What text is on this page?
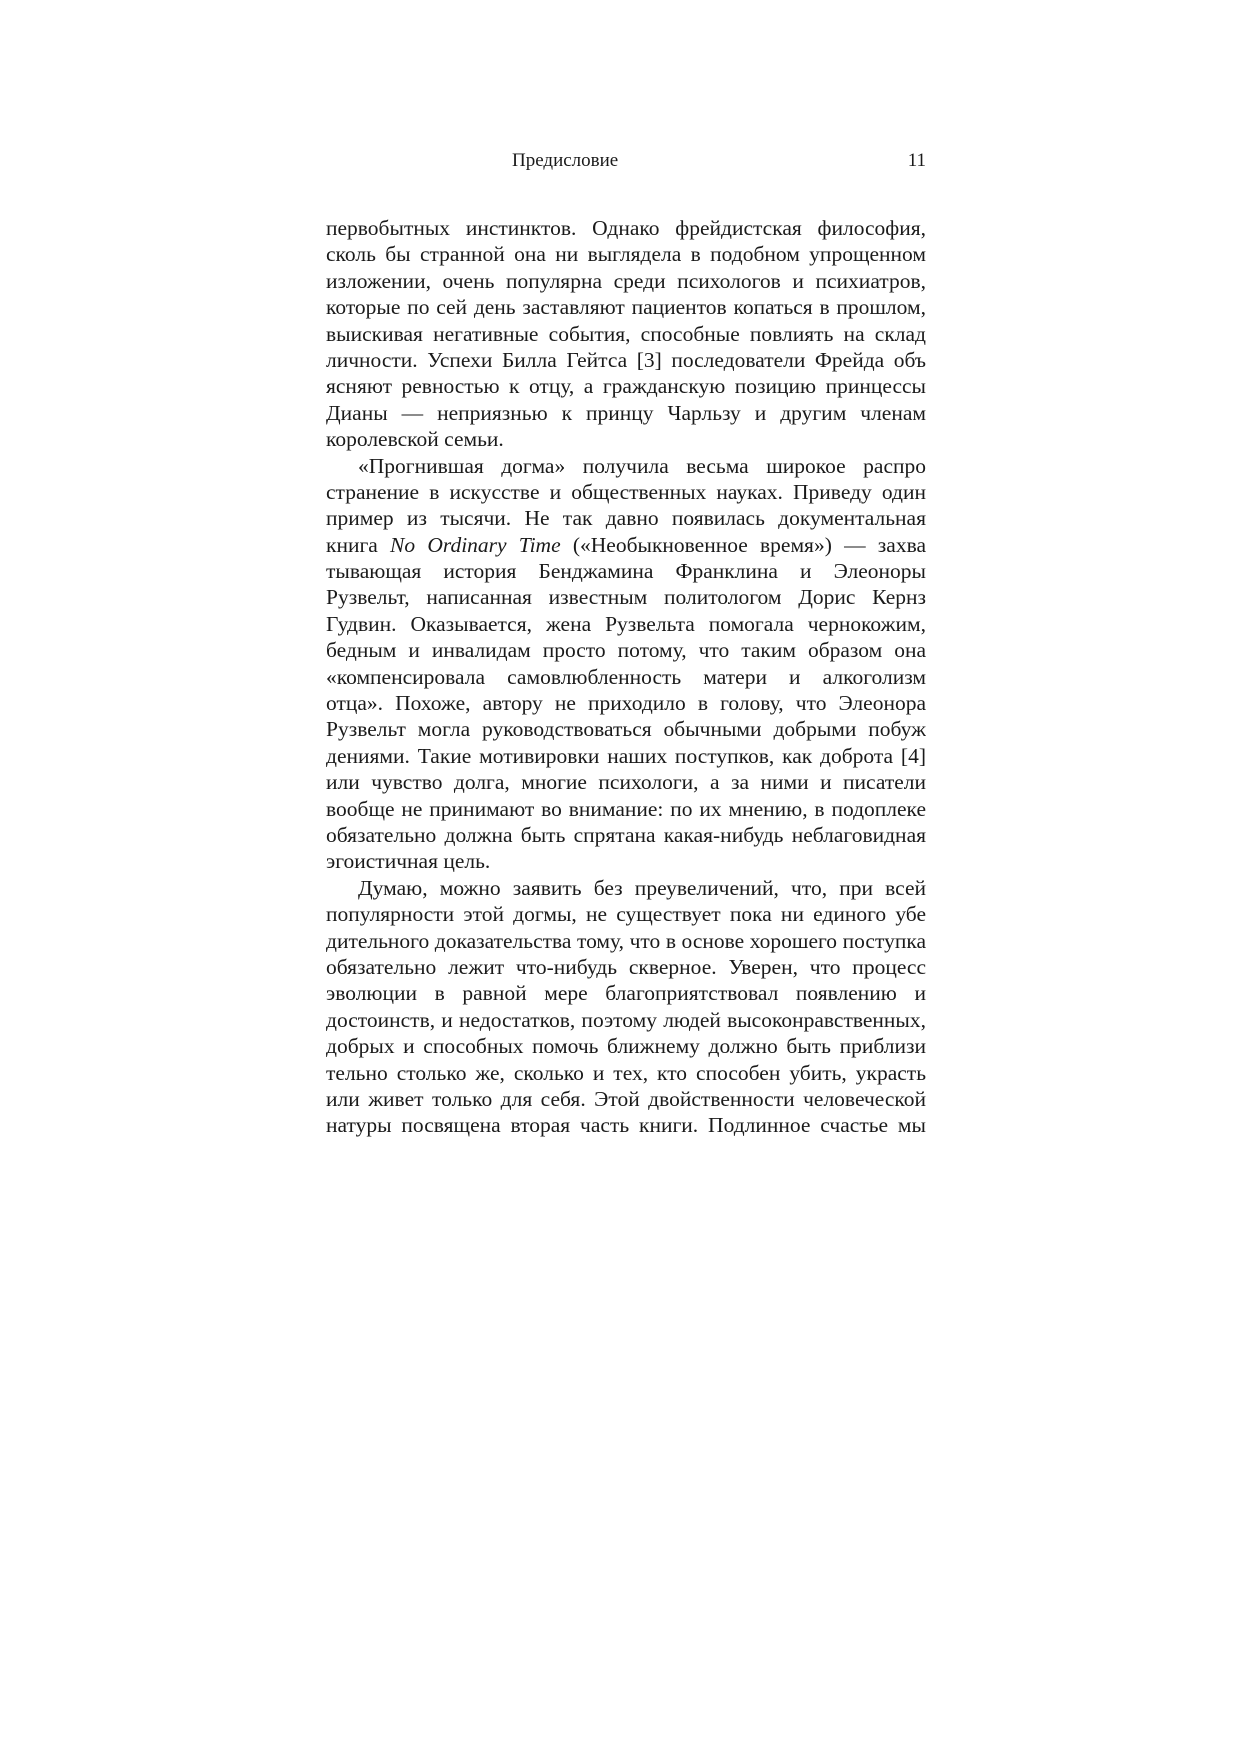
Предисловие	11
первобытных инстинктов. Однако фрейдистская философия,
сколь бы странной она ни выглядела в подобном упрощенном
изложении, очень популярна среди психологов и психиатров,
которые по сей день заставляют пациентов копаться в прошлом,
выискивая негативные события, способные повлиять на склад
личности. Успехи Билла Гейтса [3] последователи Фрейда объ
ясняют ревностью к отцу, а гражданскую позицию принцессы
Дианы — неприязнью к принцу Чарльзу и другим членам
королевской семьи.
«Прогнившая догма» получила весьма широкое распро
странение в искусстве и общественных науках. Приведу один
пример из тысячи. Не так давно появилась документальная
книга No Ordinary Time («Необыкновенное время») — захва
тывающая история Бенджамина Франклина и Элеоноры
Рузвельт, написанная известным политологом Дорис Кернз
Гудвин. Оказывается, жена Рузвельта помогала чернокожим,
бедным и инвалидам просто потому, что таким образом она
«компенсировала самовлюбленность матери и алкоголизм
отца». Похоже, автору не приходило в голову, что Элеонора
Рузвельт могла руководствоваться обычными добрыми побуж
дениями. Такие мотивировки наших поступков, как доброта [4]
или чувство долга, многие психологи, а за ними и писатели
вообще не принимают во внимание: по их мнению, в подоплеке
обязательно должна быть спрятана какая-нибудь неблаговидная
эгоистичная цель.
Думаю, можно заявить без преувеличений, что, при всей
популярности этой догмы, не существует пока ни единого убе
дительного доказательства тому, что в основе хорошего поступка
обязательно лежит что-нибудь скверное. Уверен, что процесс
эволюции в равной мере благоприятствовал появлению и
достоинств, и недостатков, поэтому людей высоконравственных,
добрых и способных помочь ближнему должно быть приблизи
тельно столько же, сколько и тех, кто способен убить, украсть
или живет только для себя. Этой двойственности человеческой
натуры посвящена вторая часть книги. Подлинное счастье мы
